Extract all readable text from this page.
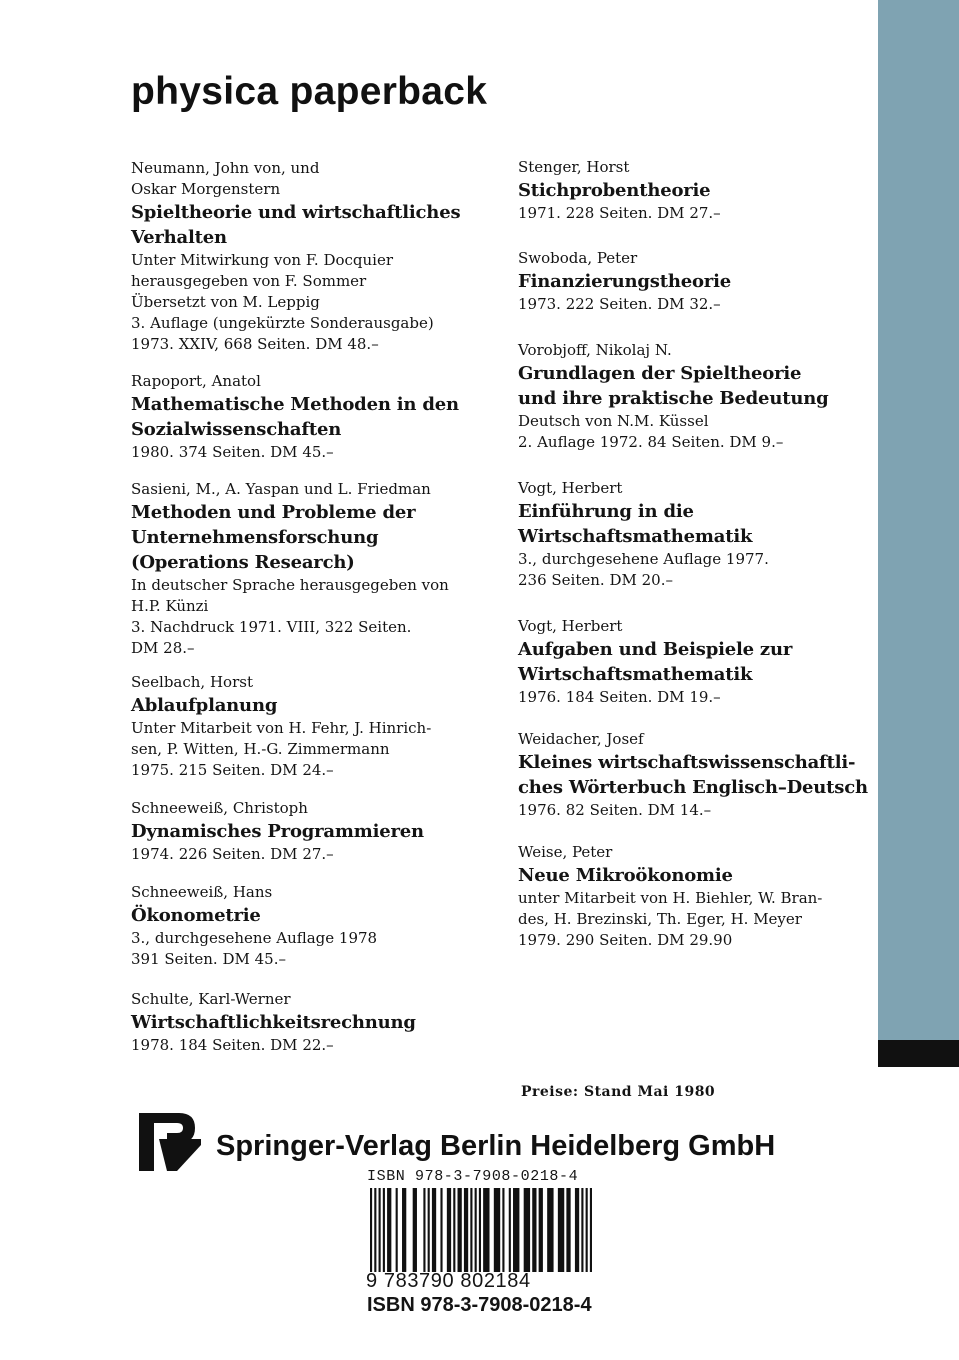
physica paperback
Neumann, John von, und
Oskar Morgenstern
Spieltheorie und wirtschaftliches
Verhalten
Unter Mitwirkung von F. Docquier
herausgegeben von F. Sommer
Übersetzt von M. Leppig
3. Auflage (ungekürzte Sonderausgabe)
1973. XXIV, 668 Seiten. DM 48.–
Rapoport, Anatol
Mathematische Methoden in den
Sozialwissenschaften
1980. 374 Seiten. DM 45.–
Sasieni, M., A. Yaspan und L. Friedman
Methoden und Probleme der
Unternehmensforschung
(Operations Research)
In deutscher Sprache herausgegeben von
H.P. Künzi
3. Nachdruck 1971. VIII, 322 Seiten.
DM 28.–
Seelbach, Horst
Ablaufplanung
Unter Mitarbeit von H. Fehr, J. Hinrich-
sen, P. Witten, H.-G. Zimmermann
1975. 215 Seiten. DM 24.–
Schneeweiß, Christoph
Dynamisches Programmieren
1974. 226 Seiten. DM 27.–
Schneeweiß, Hans
Ökonometrie
3., durchgesehene Auflage 1978
391 Seiten. DM 45.–
Schulte, Karl-Werner
Wirtschaftlichkeitsrechnung
1978. 184 Seiten. DM 22.–
Stenger, Horst
Stichprobentheorie
1971. 228 Seiten. DM 27.–
Swoboda, Peter
Finanzierungstheorie
1973. 222 Seiten. DM 32.–
Vorobjoff, Nikolaj N.
Grundlagen der Spieltheorie
und ihre praktische Bedeutung
Deutsch von N.M. Küssel
2. Auflage 1972. 84 Seiten. DM 9.–
Vogt, Herbert
Einführung in die
Wirtschaftsmathematik
3., durchgesehene Auflage 1977.
236 Seiten. DM 20.–
Vogt, Herbert
Aufgaben und Beispiele zur
Wirtschaftsmathematik
1976. 184 Seiten. DM 19.–
Weidacher, Josef
Kleines wirtschaftswissenschaftli-
ches Wörterbuch Englisch–Deutsch
1976. 82 Seiten. DM 14.–
Weise, Peter
Neue Mikroökonomie
unter Mitarbeit von H. Biehler, W. Bran-
des, H. Brezinski, Th. Eger, H. Meyer
1979. 290 Seiten. DM 29.90
Preise: Stand Mai 1980
Springer-Verlag Berlin Heidelberg GmbH
ISBN 978-3-7908-0218-4
9 783790 802184
ISBN 978-3-7908-0218-4
